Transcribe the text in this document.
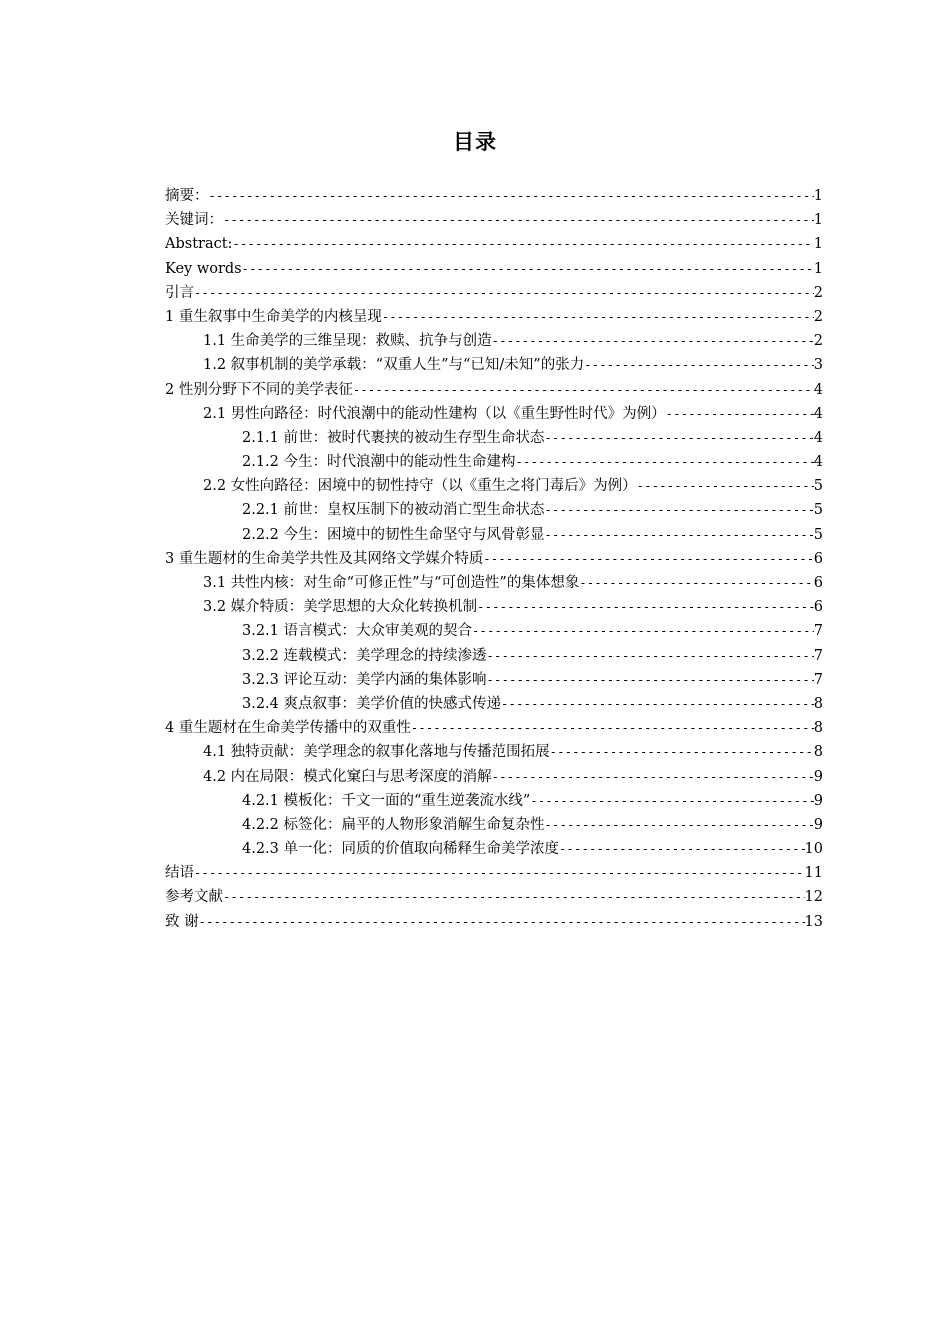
目录
摘要： -----	1
关键词： -----	1
Abstract: -----	1
Key words -----	1
引言 -----	2
1 重生叙事中生命美学的内核呈现 -----	2
1.1 生命美学的三维呈现：救赎、抗争与创造 -----	2
1.2 叙事机制的美学承载：“双重人生”与“已知/未知”的张力 -----	3
2 性别分野下不同的美学表征 -----	4
2.1 男性向路径：时代浪潮中的能动性建构（以《重生野性时代》为例） -----	4
2.1.1 前世：被时代裹挟的被动生存型生命状态 -----	4
2.1.2 今生：时代浪潮中的能动性生命建构 -----	4
2.2 女性向路径：困境中的韧性持守（以《重生之将门毒后》为例） -----	5
2.2.1 前世：皇权压制下的被动消亡型生命状态 -----	5
2.2.2 今生：困境中的韧性生命坚守与风骨彰显 -----	5
3 重生题材的生命美学共性及其网络文学媒介特质 -----	6
3.1 共性内核：对生命“可修正性”与“可创造性”的集体想象 -----	6
3.2 媒介特质：美学思想的大众化转换机制 -----	6
3.2.1 语言模式：大众审美观的契合 -----	7
3.2.2 连载模式：美学理念的持续渗透 -----	7
3.2.3 评论互动：美学内涵的集体影响 -----	7
3.2.4 爽点叙事：美学价值的快感式传递 -----	8
4 重生题材在生命美学传播中的双重性 -----	8
4.1 独特贡献：美学理念的叙事化落地与传播范围拓展 -----	8
4.2 内在局限：模式化窠臼与思考深度的消解 -----	9
4.2.1 模板化：千文一面的“重生逆袭流水线” -----	9
4.2.2 标签化：扁平的人物形象消解生命复杂性 -----	9
4.2.3 单一化：同质的价值取向稀释生命美学浓度 -----	10
结语 -----	11
参考文献 -----	12
致 谢 -----	13
